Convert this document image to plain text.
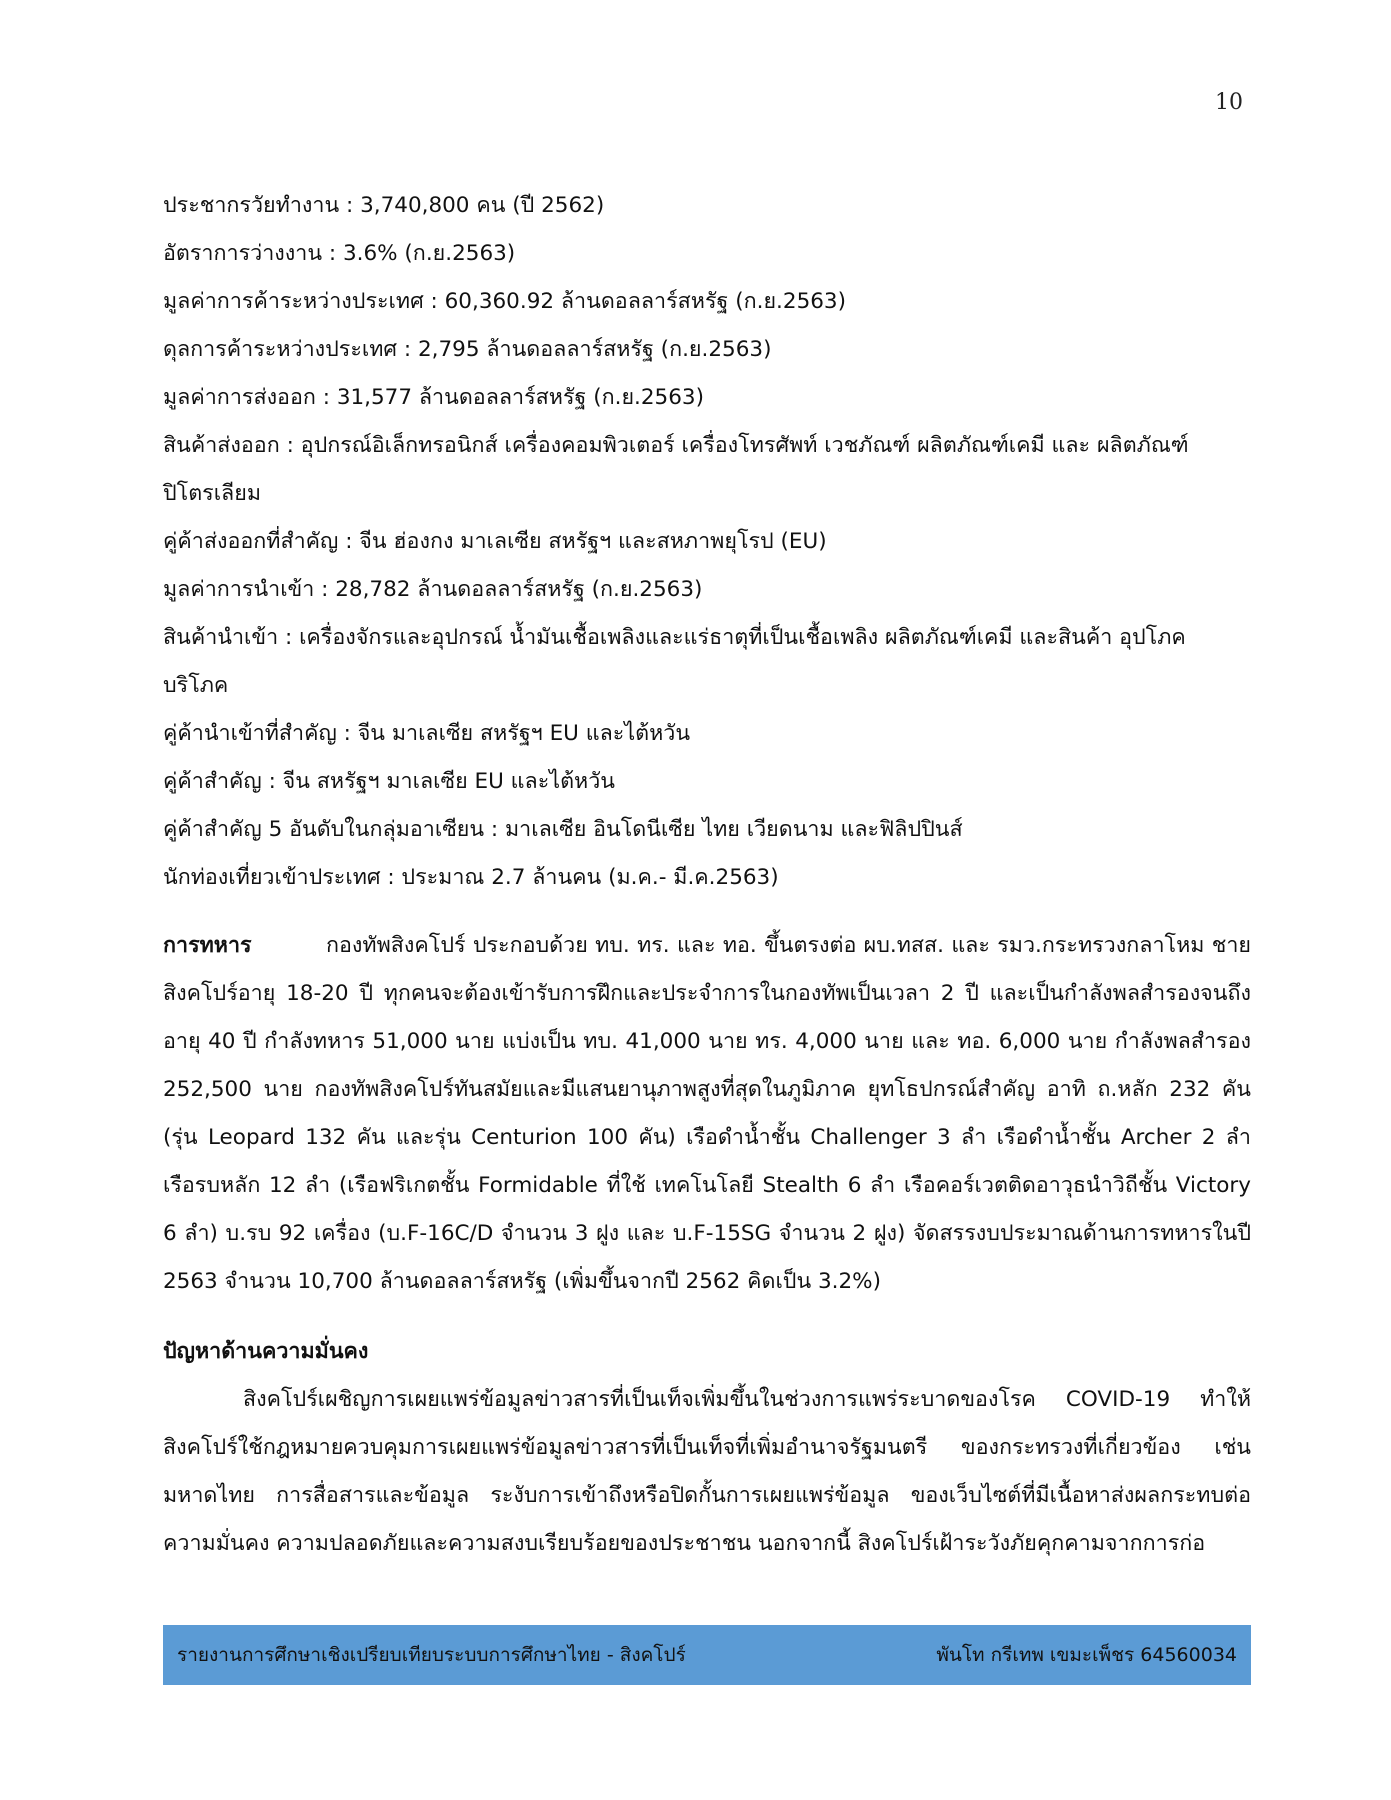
10
ประชากรวัยทำงาน : 3,740,800 คน (ปี 2562)
อัตราการว่างงาน : 3.6% (ก.ย.2563)
มูลค่าการค้าระหว่างประเทศ : 60,360.92 ล้านดอลลาร์สหรัฐ (ก.ย.2563)
ดุลการค้าระหว่างประเทศ : 2,795 ล้านดอลลาร์สหรัฐ (ก.ย.2563)
มูลค่าการส่งออก : 31,577 ล้านดอลลาร์สหรัฐ (ก.ย.2563)
สินค้าส่งออก : อุปกรณ์อิเล็กทรอนิกส์ เครื่องคอมพิวเตอร์ เครื่องโทรศัพท์ เวชภัณฑ์ ผลิตภัณฑ์เคมี และ ผลิตภัณฑ์ปิโตรเลียม
คู่ค้าส่งออกที่สำคัญ : จีน ฮ่องกง มาเลเซีย สหรัฐฯ และสหภาพยุโรป (EU)
มูลค่าการนำเข้า : 28,782 ล้านดอลลาร์สหรัฐ (ก.ย.2563)
สินค้านำเข้า : เครื่องจักรและอุปกรณ์ น้ำมันเชื้อเพลิงและแร่ธาตุที่เป็นเชื้อเพลิง ผลิตภัณฑ์เคมี และสินค้า อุปโภคบริโภค
คู่ค้านำเข้าที่สำคัญ : จีน มาเลเซีย สหรัฐฯ EU และไต้หวัน
คู่ค้าสำคัญ : จีน สหรัฐฯ มาเลเซีย EU และไต้หวัน
คู่ค้าสำคัญ 5 อันดับในกลุ่มอาเซียน : มาเลเซีย อินโดนีเซีย ไทย เวียดนาม และฟิลิปปินส์
นักท่องเที่ยวเข้าประเทศ : ประมาณ 2.7 ล้านคน (ม.ค.- มี.ค.2563)

การทหาร	กองทัพสิงคโปร์ ประกอบด้วย ทบ. ทร. และ ทอ. ขึ้นตรงต่อ ผบ.ทสส. และ รมว.กระทรวงกลาโหม ชายสิงคโปร์อายุ 18-20 ปี ทุกคนจะต้องเข้ารับการฝึกและประจำการในกองทัพเป็นเวลา 2 ปี และเป็นกำลังพลสำรองจนถึงอายุ 40 ปี กำลังทหาร 51,000 นาย แบ่งเป็น ทบ. 41,000 นาย ทร. 4,000 นาย และ ทอ. 6,000 นาย กำลังพลสำรอง 252,500 นาย กองทัพสิงคโปร์ทันสมัยและมีแสนยานุภาพสูงที่สุดในภูมิภาค ยุทโธปกรณ์สำคัญ อาทิ ถ.หลัก 232 คัน (รุ่น Leopard 132 คัน และรุ่น Centurion 100 คัน) เรือดำน้ำชั้น Challenger 3 ลำ เรือดำน้ำชั้น Archer 2 ลำ เรือรบหลัก 12 ลำ (เรือฟริเกตชั้น Formidable ที่ใช้ เทคโนโลยี Stealth 6 ลำ เรือคอร์เวตติดอาวุธนำวิถีชั้น Victory 6 ลำ) บ.รบ 92 เครื่อง (บ.F-16C/D จำนวน 3 ฝูง และ บ.F-15SG จำนวน 2 ฝูง) จัดสรรงบประมาณด้านการทหารในปี 2563 จำนวน 10,700 ล้านดอลลาร์สหรัฐ (เพิ่มขึ้นจากปี 2562 คิดเป็น 3.2%)

ปัญหาด้านความมั่นคง

สิงคโปร์เผชิญการเผยแพร่ข้อมูลข่าวสารที่เป็นเท็จเพิ่มขึ้นในช่วงการแพร่ระบาดของโรค COVID-19 ทำให้สิงคโปร์ใช้กฎหมายควบคุมการเผยแพร่ข้อมูลข่าวสารที่เป็นเท็จที่เพิ่มอำนาจรัฐมนตรี ของกระทรวงที่เกี่ยวข้อง เช่น มหาดไทย การสื่อสารและข้อมูล ระงับการเข้าถึงหรือปิดกั้นการเผยแพร่ข้อมูล ของเว็บไซต์ที่มีเนื้อหาส่งผลกระทบต่อความมั่นคง ความปลอดภัยและความสงบเรียบร้อยของประชาชน นอกจากนี้ สิงคโปร์เฝ้าระวังภัยคุกคามจากการก่อ

รายงานการศึกษาเชิงเปรียบเทียบระบบการศึกษาไทย - สิงคโปร์	พันโท กรีเทพ เขมะเพ็ชร 64560034
